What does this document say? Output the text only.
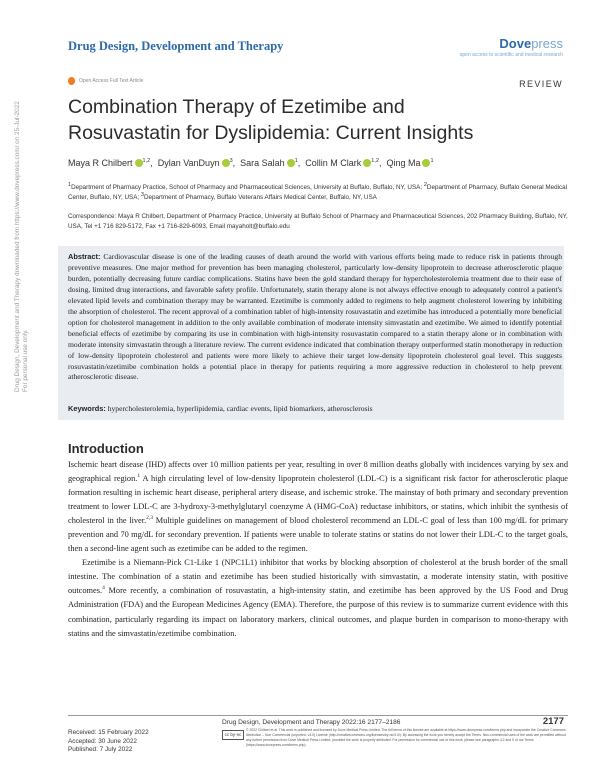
Drug Design, Development and Therapy	Dovepress
open access to scientific and medical research
Open Access Full Text Article	REVIEW
Combination Therapy of Ezetimibe and
Rosuvastatin for Dyslipidemia: Current Insights
Maya R Chilbert $^{1,2}$,  Dylan VanDuyn $^3$,  Sara Salah $^1$,  Collin M Clark $^{1,2}$,  Qing Ma $^1$
$^1$Department of Pharmacy Practice, School of Pharmacy and Pharmaceutical Sciences, University at Buffalo, Buffalo, NY, USA; $^2$Department of Pharmacy, Buffalo General Medical Center, Buffalo, NY, USA; $^3$Department of Pharmacy, Buffalo Veterans Affairs Medical Center, Buffalo, NY, USA
Correspondence: Maya R Chilbert, Department of Pharmacy Practice, University at Buffalo School of Pharmacy and Pharmaceutical Sciences, 202 Pharmacy Building, Buffalo, NY, USA, Tel +1 716 829-5172, Fax +1 716-829-6093, Email mayaholt@buffalo.edu
Abstract: Cardiovascular disease is one of the leading causes of death around the world with various efforts being made to reduce risk in patients through preventive measures. One major method for prevention has been managing cholesterol, particularly low-density lipoprotein to decrease atherosclerotic plaque burden, potentially decreasing future cardiac complications. Statins have been the gold standard therapy for hypercholesterolemia treatment due to their ease of dosing, limited drug interactions, and favorable safety profile. Unfortunately, statin therapy alone is not always effective enough to adequately control a patient's elevated lipid levels and combination therapy may be warranted. Ezetimibe is commonly added to regimens to help augment cholesterol lowering by inhibiting the absorption of cholesterol. The recent approval of a combination tablet of high-intensity rosuvastatin and ezetimibe has introduced a potentially more beneficial option for cholesterol management in addition to the only available combination of moderate intensity simvastatin and ezetimibe. We aimed to identify potential beneficial effects of ezetimibe by comparing its use in combination with high-intensity rosuvastatin compared to a statin therapy alone or in combination with moderate intensity simvastatin through a literature review. The current evidence indicated that combination therapy outperformed statin monotherapy in reduction of low-density lipoprotein cholesterol and patients were more likely to achieve their target low-density lipoprotein cholesterol goal level. This suggests rosuvastatin/ezetimibe combination holds a potential place in therapy for patients requiring a more aggressive reduction in cholesterol to help prevent atherosclerotic disease.
Keywords: hypercholesterolemia, hyperlipidemia, cardiac events, lipid biomarkers, atherosclerosis
Introduction

Ischemic heart disease (IHD) affects over 10 million patients per year, resulting in over 8 million deaths globally with incidences varying by sex and geographical region.$^1$ A high circulating level of low-density lipoprotein cholesterol (LDL-C) is a significant risk factor for atherosclerotic plaque formation resulting in ischemic heart disease, peripheral artery disease, and ischemic stroke. The mainstay of both primary and secondary prevention treatment to lower LDL-C are 3-hydroxy-3-methylglutaryl coenzyme A (HMG-CoA) reductase inhibitors, or statins, which inhibit the synthesis of cholesterol in the liver.$^{2,3}$ Multiple guidelines on management of blood cholesterol recommend an LDL-C goal of less than 100 mg/dL for primary prevention and 70 mg/dL for secondary prevention. If patients were unable to tolerate statins or statins do not lower their LDL-C to the target goals, then a second-line agent such as ezetimibe can be added to the regimen.

Ezetimibe is a Niemann-Pick C1-Like 1 (NPC1L1) inhibitor that works by blocking absorption of cholesterol at the brush border of the small intestine. The combination of a statin and ezetimibe has been studied historically with simvastatin, a moderate intensity statin, with positive outcomes.$^4$ More recently, a combination of rosuvastatin, a high-intensity statin, and ezetimibe has been approved by the US Food and Drug Administration (FDA) and the European Medicines Agency (EMA). Therefore, the purpose of this review is to summarize current evidence with this combination, particularly regarding its impact on laboratory markers, clinical outcomes, and plaque burden in comparison to mono-therapy with statins and the simvastatin/ezetimibe combination.

Received: 15 February 2022
Accepted: 30 June 2022
Published: 7 July 2022
Drug Design, Development and Therapy 2022:16 2177–2186	2177
cc by-nc
© 2022 Chilbert et al. This work is published and licensed by Dove Medical Press Limited. The full terms of this license are available at https://www.dovepress.com/terms.php and incorporate the Creative Commons Attribution – Non Commercial (unported, v3.0) License (http://creativecommons.org/licenses/by-nc/3.0/). By accessing the work you hereby accept the Terms. Non-commercial uses of the work are permitted without any further permission from Dove Medical Press Limited, provided the work is properly attributed. For permission for commercial use of this work, please see paragraphs 4.2 and 5 of our Terms (https://www.dovepress.com/terms.php).
Drug Design, Development and Therapy downloaded from https://www.dovepress.com/ on 25-Jul-2022 For personal use only.
